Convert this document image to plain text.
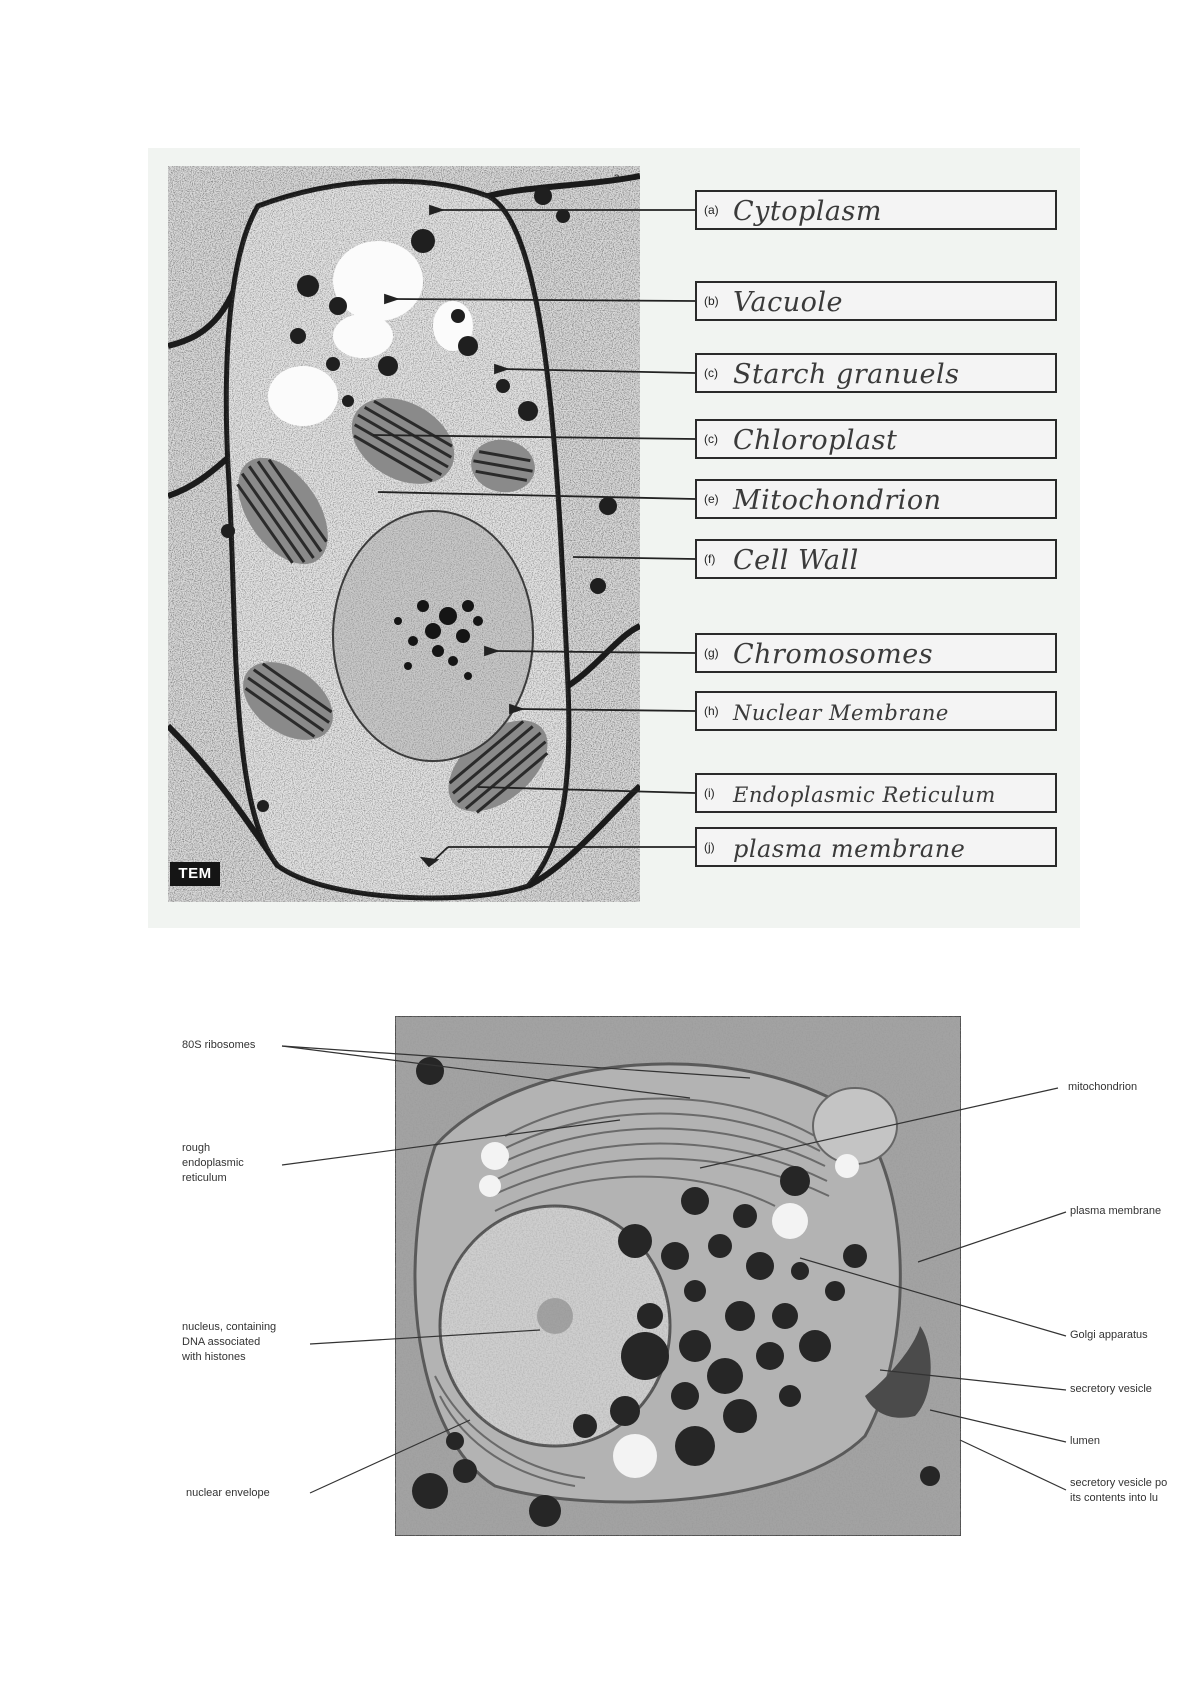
a
TEM
(a) Cytoplasm
(b) Vacuole
(c) Starch granuels
(c) Chloroplast
(e) Mitochondrion
(f) Cell Wall
(g) Chromosomes
(h) Nuclear Membrane
(i) Endoplasmic Reticulum
(j) plasma membrane
80S ribosomes
rough
endoplasmic
reticulum
nucleus, containing
DNA associated
with histones
nuclear envelope
mitochondrion
plasma membrane
Golgi apparatus
secretory vesicle
lumen
secretory vesicle po
its contents into lu
